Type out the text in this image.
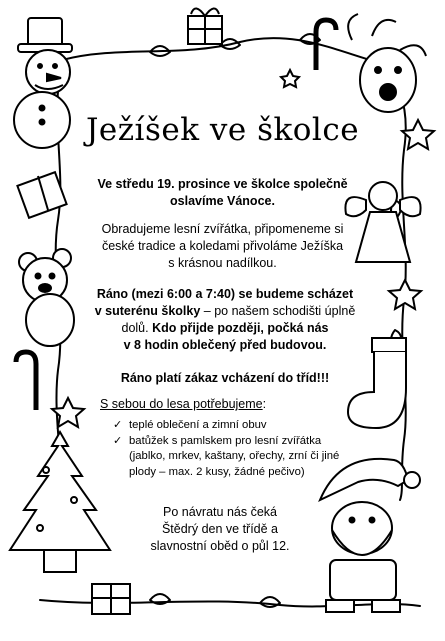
Ježíšek ve školce
Ve středu 19. prosince ve školce společně
oslavíme Vánoce.
Obradujeme lesní zvířátka, připomeneme si
české tradice a koledami přivoláme Ježíška
s krásnou nadílkou.
Ráno (mezi 6:00 a 7:40) se budeme scházet
v suterénu školky – po našem schodišti úplně
dolů. Kdo přijde později, počká nás
v 8 hodin oblečený před budovou.
Ráno platí zákaz vcházení do tříd!!!
S sebou do lesa potřebujeme:
✓ teplé oblečení a zimní obuv
✓ batůžek s pamlskem pro lesní zvířátka (jablko, mrkev, kaštany, ořechy, zrní či jiné plody – max. 2 kusy, žádné pečivo)
Po návratu nás čeká
Štědrý den ve třídě a
slavnostní oběd o půl 12.
